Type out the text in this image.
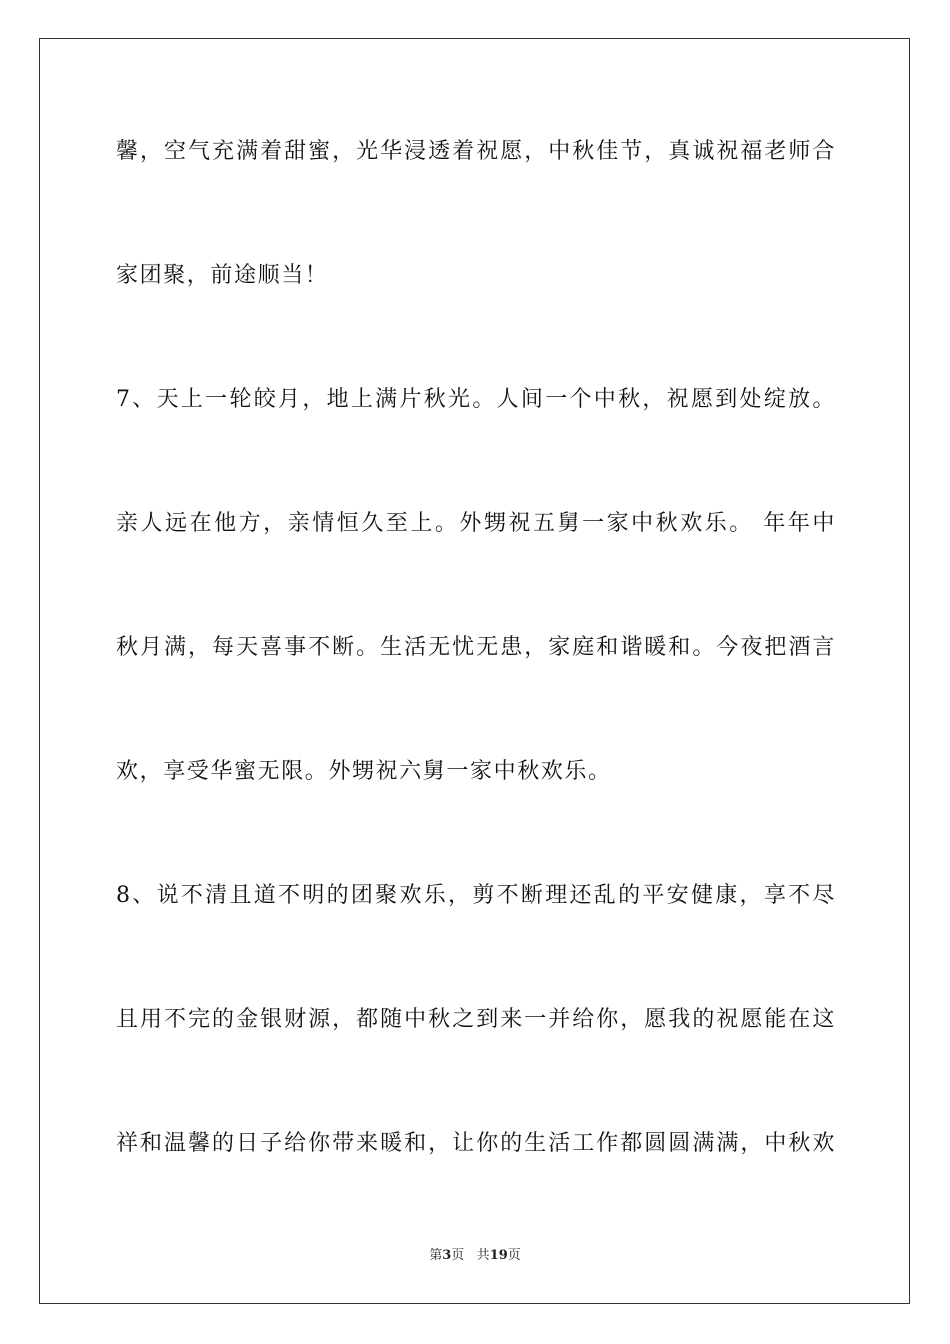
馨，空气充满着甜蜜，光华浸透着祝愿，中秋佳节，真诚祝福老师合
家团聚，前途顺当！
7、天上一轮皎月，地上满片秋光。人间一个中秋，祝愿到处绽放。
亲人远在他方，亲情恒久至上。外甥祝五舅一家中秋欢乐。 年年中
秋月满，每天喜事不断。生活无忧无患，家庭和谐暖和。今夜把酒言
欢，享受华蜜无限。外甥祝六舅一家中秋欢乐。
8、说不清且道不明的团聚欢乐，剪不断理还乱的平安健康，享不尽
且用不完的金银财源，都随中秋之到来一并给你，愿我的祝愿能在这
祥和温馨的日子给你带来暖和，让你的生活工作都圆圆满满，中秋欢
第3页 共19页
